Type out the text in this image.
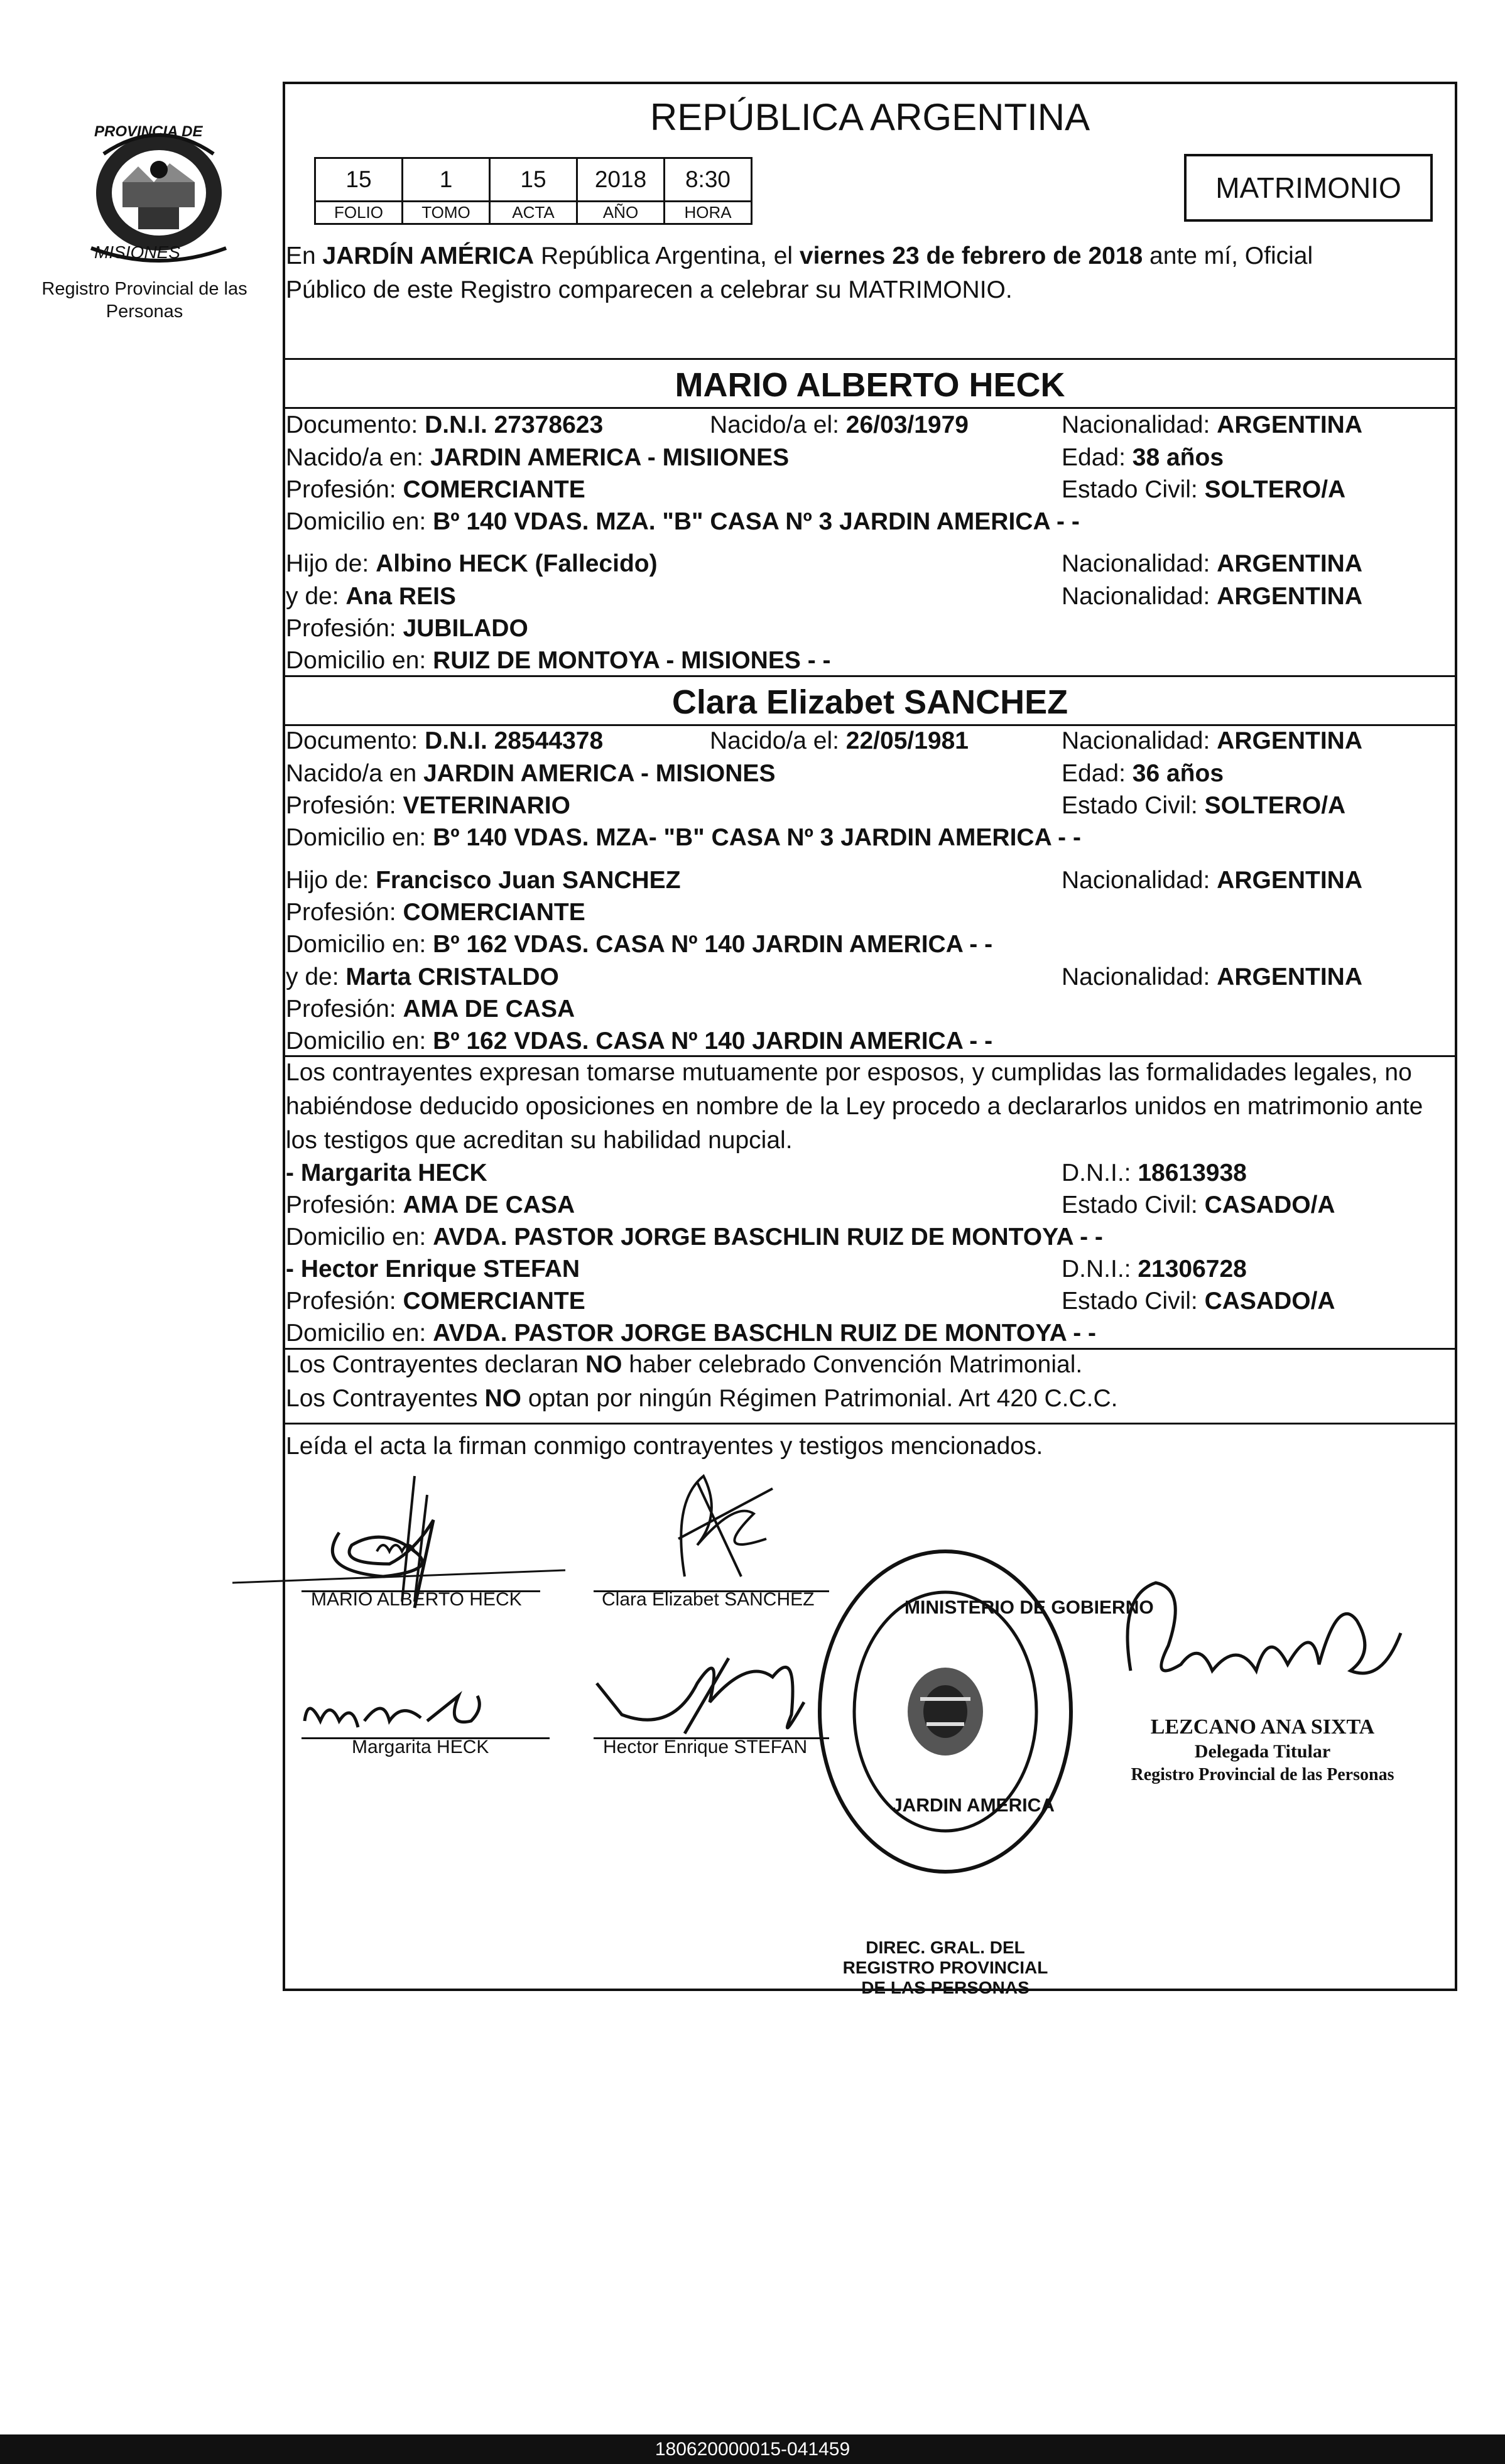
PROVINCIA DE
MISIONES
Registro Provincial de las Personas
REPÚBLICA ARGENTINA
15	1	15	2018	8:30
FOLIO	TOMO	ACTA	AÑO	HORA
MATRIMONIO
En JARDÍN AMÉRICA República Argentina, el viernes 23 de febrero de 2018 ante mí, Oficial
Público de este Registro comparecen a celebrar su MATRIMONIO.
MARIO ALBERTO HECK
Documento: D.N.I. 27378623	Nacido/a el: 26/03/1979	Nacionalidad: ARGENTINA
Nacido/a en: JARDIN AMERICA - MISIIONES	Edad: 38 años
Profesión: COMERCIANTE	Estado Civil: SOLTERO/A
Domicilio en: Bº 140 VDAS. MZA. "B" CASA Nº 3 JARDIN AMERICA - -
Hijo de: Albino HECK (Fallecido)	Nacionalidad: ARGENTINA
y de: Ana REIS	Nacionalidad: ARGENTINA
Profesión: JUBILADO
Domicilio en: RUIZ DE MONTOYA - MISIONES - -
Clara Elizabet SANCHEZ
Documento: D.N.I. 28544378	Nacido/a el: 22/05/1981	Nacionalidad: ARGENTINA
Nacido/a en JARDIN AMERICA - MISIONES	Edad: 36 años
Profesión: VETERINARIO	Estado Civil: SOLTERO/A
Domicilio en: Bº 140 VDAS. MZA- "B" CASA Nº 3 JARDIN AMERICA - -
Hijo de: Francisco Juan SANCHEZ	Nacionalidad: ARGENTINA
Profesión: COMERCIANTE
Domicilio en: Bº 162 VDAS. CASA Nº 140 JARDIN AMERICA - -
y de: Marta CRISTALDO	Nacionalidad: ARGENTINA
Profesión: AMA DE CASA
Domicilio en: Bº 162 VDAS. CASA Nº 140 JARDIN AMERICA - -
Los contrayentes expresan tomarse mutuamente por esposos, y cumplidas las formalidades legales, no
habiéndose deducido oposiciones en nombre de la Ley procedo a declararlos unidos en matrimonio ante
los testigos que acreditan su habilidad nupcial.
- Margarita HECK	D.N.I.: 18613938
Profesión: AMA DE CASA	Estado Civil: CASADO/A
Domicilio en: AVDA. PASTOR JORGE BASCHLIN RUIZ DE MONTOYA - -
- Hector Enrique STEFAN	D.N.I.: 21306728
Profesión: COMERCIANTE	Estado Civil: CASADO/A
Domicilio en: AVDA. PASTOR JORGE BASCHLN RUIZ DE MONTOYA - -
Los Contrayentes declaran NO haber celebrado Convención Matrimonial.
Los Contrayentes NO optan por ningún Régimen Patrimonial. Art 420 C.C.C.
Leída el acta la firman conmigo contrayentes y testigos mencionados.
MARIO ALBERTO HECK	Clara Elizabet SANCHEZ
Margarita HECK	Hector Enrique STEFAN
DIREC. GRAL. DEL REGISTRO PROVINCIAL DE LAS PERSONAS
MINISTERIO DE GOBIERNO
JARDIN AMERICA
LEZCANO ANA SIXTA
Delegada Titular
Registro Provincial de las Personas
180620000015-041459
